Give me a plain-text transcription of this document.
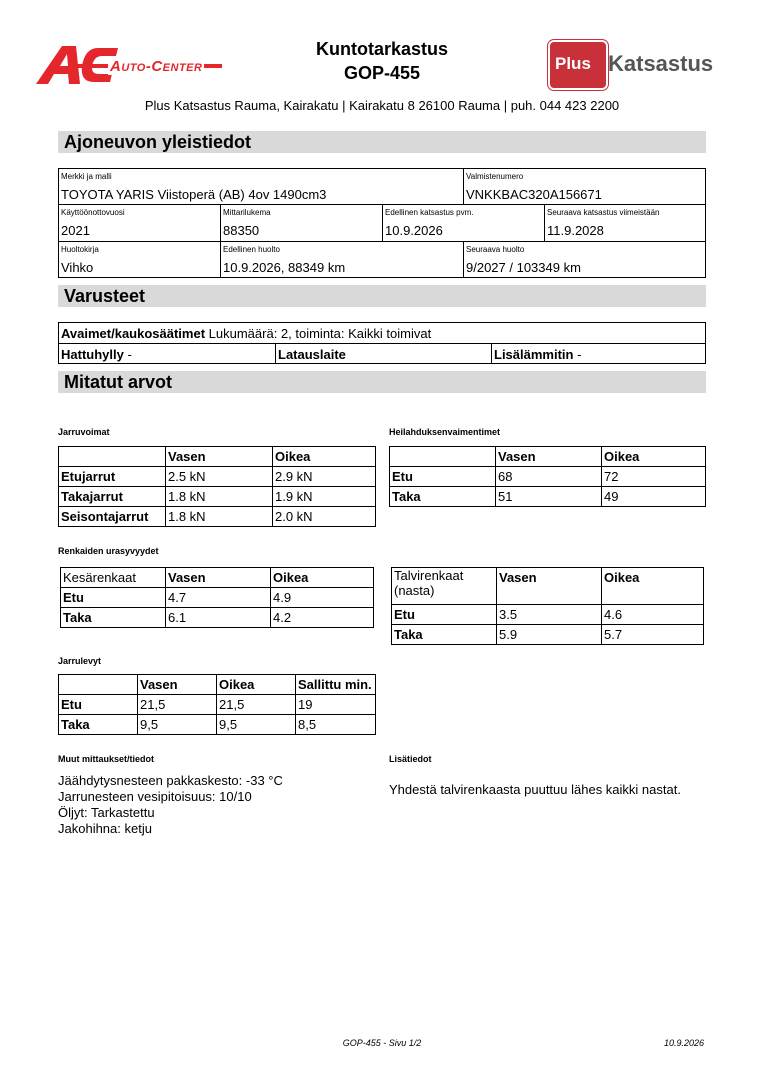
Auto-Center
Kuntotarkastus
GOP-455	Plus Katsastus
Plus Katsastus Rauma, Kairakatu | Kairakatu 8 26100 Rauma | puh. 044 423 2200
Ajoneuvon yleistiedot
Merkki ja malli
TOYOTA YARIS Viistoperä (AB) 4ov 1490cm3
Valmistenumero
VNKKBAC320A156671
Käyttöönottovuosi
2021
Mittarilukema
88350
Edellinen katsastus pvm.
10.9.2026
Seuraava katsastus viimeistään
11.9.2028
Huoltokirja
Vihko
Edellinen huolto
10.9.2026, 88349 km
Seuraava huolto
9/2027 / 103349 km
Varusteet
Avaimet/kaukosäätimet Lukumäärä: 2, toiminta: Kaikki toimivat
Hattuhylly -	Latauslaite	Lisälämmitin -
Mitatut arvot
Jarruvoimat
	Vasen	Oikea
Etujarrut	2.5 kN	2.9 kN
Takajarrut	1.8 kN	1.9 kN
Seisontajarrut	1.8 kN	2.0 kN
Heilahduksenvaimentimet
	Vasen	Oikea
Etu	68	72
Taka	51	49
Renkaiden urasyvyydet
Kesärenkaat	Vasen	Oikea
Etu	4.7	4.9
Taka	6.1	4.2
Talvirenkaat
(nasta)	Vasen	Oikea
Etu	3.5	4.6
Taka	5.9	5.7
Jarrulevyt
	Vasen	Oikea	Sallittu min.
Etu	21,5	21,5	19
Taka	9,5	9,5	8,5
Muut mittaukset/tiedot
Jäähdytysnesteen pakkaskesto: -33 °C
Jarrunesteen vesipitoisuus: 10/10
Öljyt: Tarkastettu
Jakohihna: ketju
Lisätiedot
Yhdestä talvirenkaasta puuttuu lähes kaikki nastat.
GOP-455 - Sivu 1/2	10.9.2026
